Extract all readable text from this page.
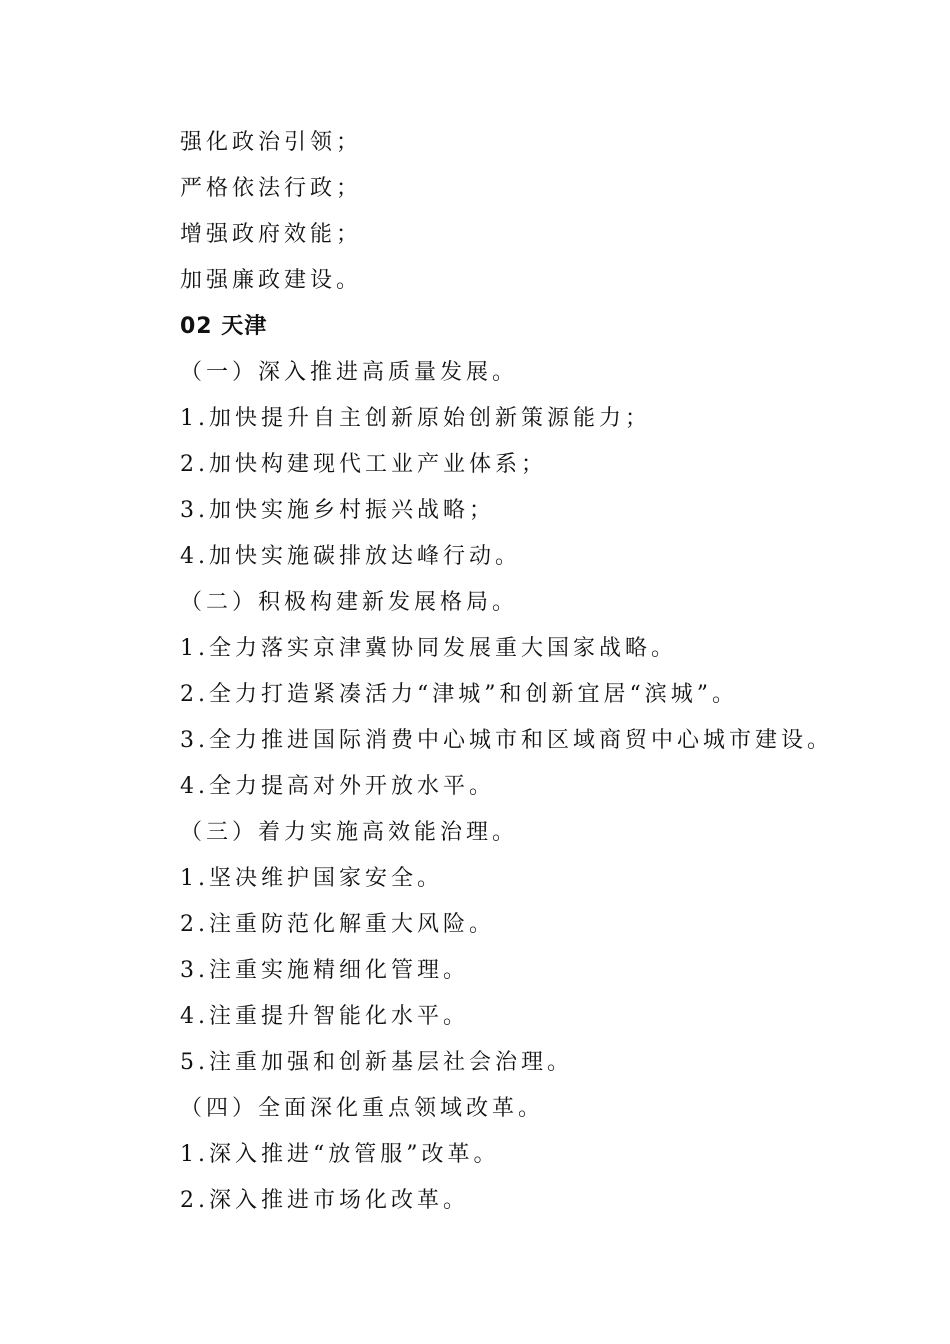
强化政治引领；
严格依法行政；
增强政府效能；
加强廉政建设。
02 天津
（一）深入推进高质量发展。
1.加快提升自主创新原始创新策源能力；
2.加快构建现代工业产业体系；
3.加快实施乡村振兴战略；
4.加快实施碳排放达峰行动。
（二）积极构建新发展格局。
1.全力落实京津冀协同发展重大国家战略。
2.全力打造紧凑活力“津城”和创新宜居“滨城”。
3.全力推进国际消费中心城市和区域商贸中心城市建设。
4.全力提高对外开放水平。
（三）着力实施高效能治理。
1.坚决维护国家安全。
2.注重防范化解重大风险。
3.注重实施精细化管理。
4.注重提升智能化水平。
5.注重加强和创新基层社会治理。
（四）全面深化重点领域改革。
1.深入推进“放管服”改革。
2.深入推进市场化改革。
